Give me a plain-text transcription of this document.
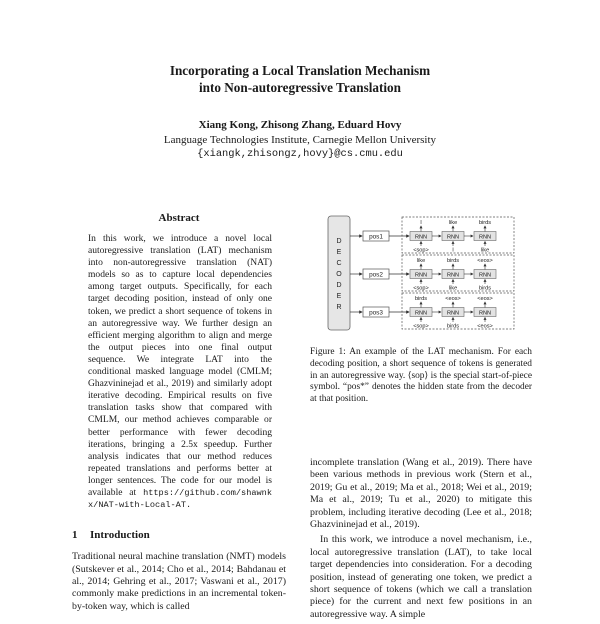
Incorporating a Local Translation Mechanism
into Non-autoregressive Translation
Xiang Kong, Zhisong Zhang, Eduard Hovy
Language Technologies Institute, Carnegie Mellon University
{xiangk,zhisongz,hovy}@cs.cmu.edu
Abstract

In this work, we introduce a novel local autoregressive translation (LAT) mechanism into non-autoregressive translation (NAT) models so as to capture local dependencies among target outputs. Specifically, for each target decoding position, instead of only one token, we predict a short sequence of tokens in an autoregressive way. We further design an efficient merging algorithm to align and merge the output pieces into one final output sequence. We integrate LAT into the conditional masked language model (CMLM; Ghazvininejad et al., 2019) and similarly adopt iterative decoding. Empirical results on five translation tasks show that compared with CMLM, our method achieves comparable or better performance with fewer decoding iterations, bringing a 2.5x speedup. Further analysis indicates that our method reduces repeated translations and performs better at longer sentences. The code for our model is available at https://github.com/shawnkx/NAT-with-Local-AT.

1 Introduction

Traditional neural machine translation (NMT) models (Sutskever et al., 2014; Cho et al., 2014; Bahdanau et al., 2014; Gehring et al., 2017; Vaswani et al., 2017) commonly make predictions in an incremental token-by-token way, which is called

D
E
C
O
D
E
R
pos1	RNN
I
<sop>
RNN
like
I
RNN
birds
like
pos2	RNN
like
<sop>
RNN
birds
like
RNN
<eos>
birds
pos3	RNN
birds
<sop>
RNN
<eos>
birds
RNN
<eos>
<eos>

Figure 1: An example of the LAT mechanism. For each decoding position, a short sequence of tokens is generated in an autoregressive way. ⟨sop⟩ is the special start-of-piece symbol. “pos*” denotes the hidden state from the decoder at that position.

incomplete translation (Wang et al., 2019). There have been various methods in previous work (Stern et al., 2019; Gu et al., 2019; Ma et al., 2018; Wei et al., 2019; Ma et al., 2019; Tu et al., 2020) to mitigate this problem, including iterative decoding (Lee et al., 2018; Ghazvininejad et al., 2019).

In this work, we introduce a novel mechanism, i.e., local autoregressive translation (LAT), to take local target dependencies into consideration. For a decoding position, instead of generating one token, we predict a short sequence of tokens (which we call a translation piece) for the current and next few positions in an autoregressive way. A simple
